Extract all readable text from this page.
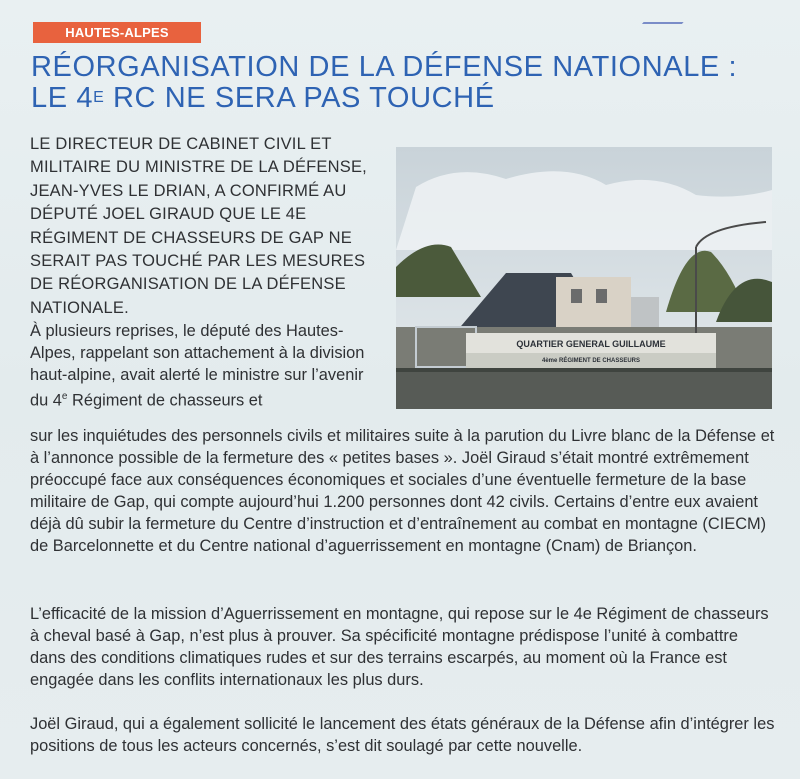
HAUTES-ALPES
RÉORGANISATION DE LA DÉFENSE NATIONALE :
LE $4^E$ RC NE SERA PAS TOUCHÉ

LE DIRECTEUR DE CABINET CIVIL ET MILITAIRE DU MINISTRE DE LA DÉFENSE, JEAN-YVES LE DRIAN, A CONFIRMÉ AU DÉPUTÉ JOEL GIRAUD QUE LE 4E RÉGIMENT DE CHASSEURS DE GAP NE SERAIT PAS TOUCHÉ PAR LES MESURES DE RÉORGANISATION DE LA DÉFENSE NATIONALE.

QUARTIER GENERAL GUILLAUME
4ème RÉGIMENT DE CHASSEURS

À plusieurs reprises, le député des Hautes-Alpes, rappelant son attachement à la division haut-alpine, avait alerté le ministre sur l’avenir du 4e Régiment de chasseurs et

sur les inquiétudes des personnels civils et militaires suite à la parution du Livre blanc de la Défense et à l’annonce possible de la fermeture des « petites bases ». Joël Giraud s’était montré extrêmement préoccupé face aux conséquences économiques et sociales d’une éventuelle fermeture de la base militaire de Gap, qui compte aujourd’hui 1.200 personnes dont 42 civils. Certains d’entre eux avaient déjà dû subir la fermeture du Centre d’instruction et d’entraînement au combat en montagne (CIECM) de Barcelonnette et du Centre national d’aguerrissement en montagne (Cnam) de Briançon.

L’efficacité de la mission d’Aguerrissement en montagne, qui repose sur le 4e Régiment de chasseurs à cheval basé à Gap, n’est plus à prouver. Sa spécificité montagne prédispose l’unité à combattre dans des conditions climatiques rudes et sur des terrains escarpés, au moment où la France est engagée dans les conflits internationaux les plus durs.

Joël Giraud, qui a également sollicité le lancement des états généraux de la Défense afin d’intégrer les positions de tous les acteurs concernés, s’est dit soulagé par cette nouvelle.
